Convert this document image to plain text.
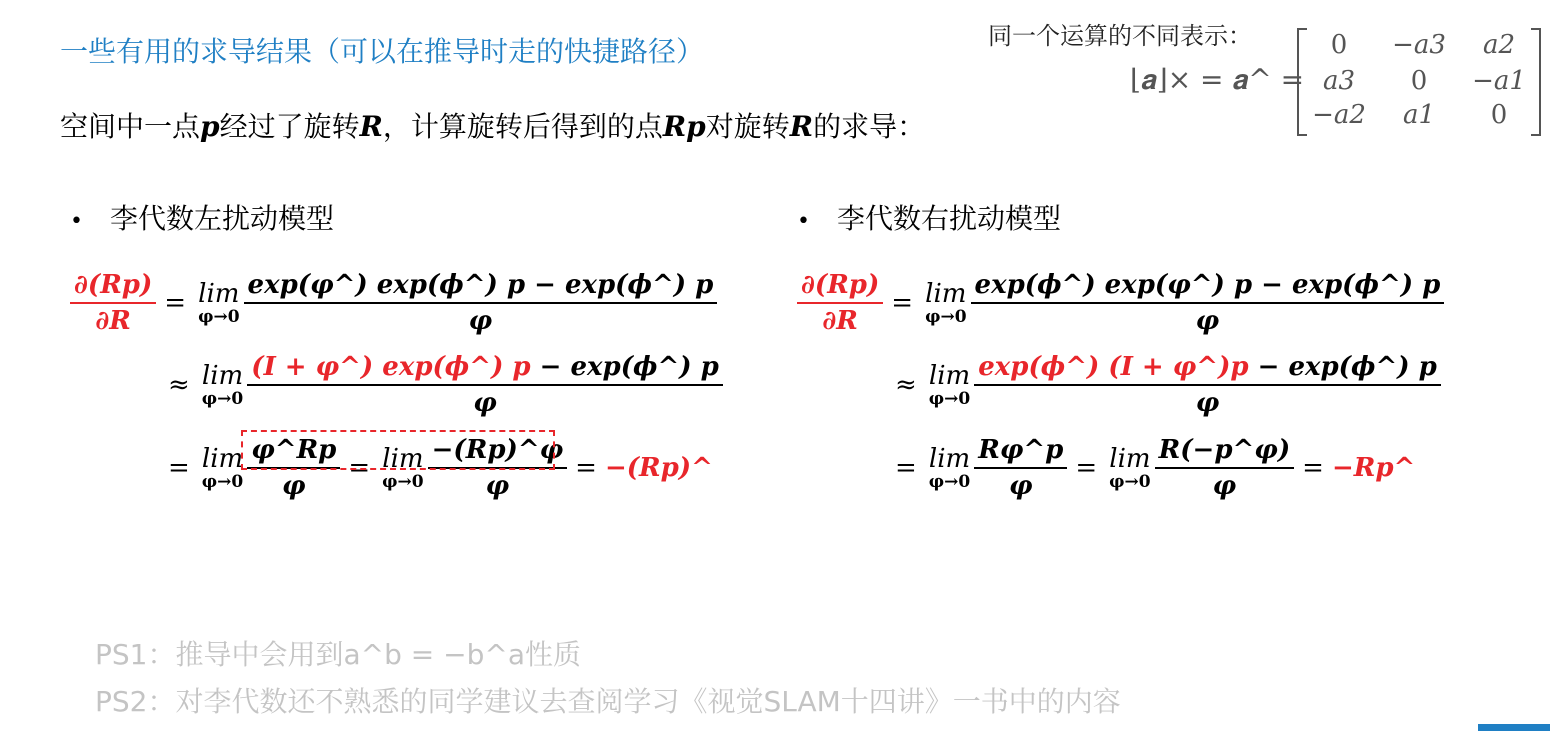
一些有用的求导结果（可以在推导时走的快捷路径）
空间中一点p经过了旋转R，计算旋转后得到的点Rp对旋转R的求导：
同一个运算的不同表示：
⌊𝒂⌋× = 𝒂^ =
0	−a3	a2
a3	0	−a1
−a2	a1	0
• 李代数左扰动模型	• 李代数右扰动模型
$\frac{\partial(Rp)}{\partial R} = \lim$
$\varphi\to 0 \frac{\exp(\varphi\^{}) \exp(\phi\^{}) p - \exp(\phi\^{}) p}{\varphi}$
≈ lim
$\varphi\to 0 \frac{(I + \varphi\^{}) \exp(\phi\^{}) p - \exp(\phi\^{}) p}{\varphi}$
= lim
$\varphi\to 0 \frac{\varphi\^{}Rp}{\varphi} = \lim$
$\varphi\to 0 \frac{-(Rp)\^{}\varphi}{\varphi}$ = −(Rp)^
$\frac{\partial(Rp)}{\partial R} = \lim$
$\varphi\to 0 \frac{\exp(\phi\^{}) \exp(\varphi\^{}) p - \exp(\phi\^{}) p}{\varphi}$
≈ lim
$\varphi\to 0 \frac{\exp(\phi\^{}) (I + \varphi\^{})p - \exp(\phi\^{}) p}{\varphi}$
= lim
$\varphi\to 0 \frac{R\varphi\^{}p}{\varphi} = \lim$
$\varphi\to 0 \frac{R(-p\^{}\varphi)}{\varphi}$ = −Rp^
PS1：推导中会用到a^b = −b^a性质
PS2：对李代数还不熟悉的同学建议去查阅学习《视觉SLAM十四讲》一书中的内容
